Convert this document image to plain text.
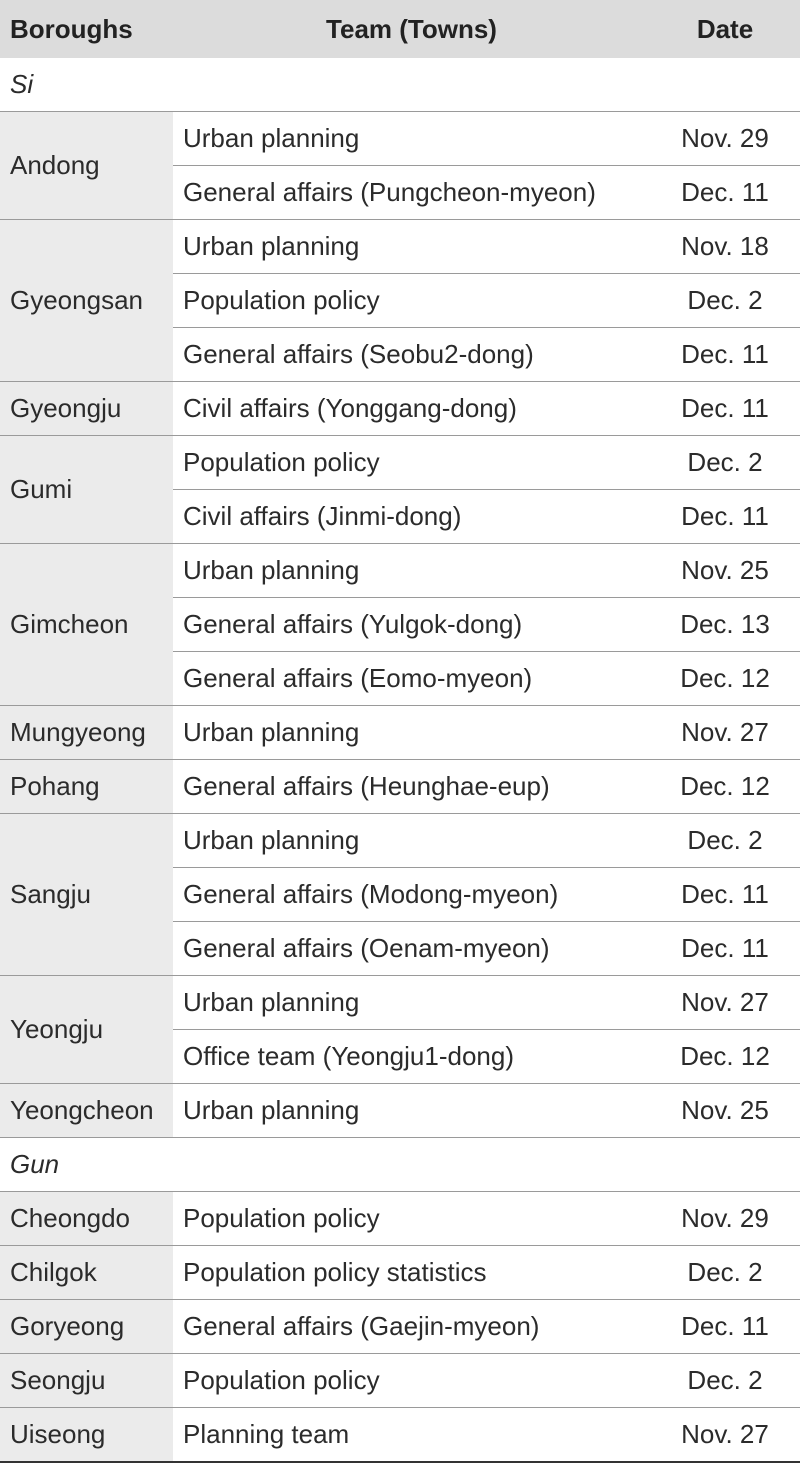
Boroughs	Team (Towns)	Date
Si		
Andong	Urban planning	Nov. 29
	General affairs (Pungcheon-myeon)	Dec. 11
Gyeongsan	Urban planning	Nov. 18
	Population policy	Dec. 2
	General affairs (Seobu2-dong)	Dec. 11
Gyeongju	Civil affairs (Yonggang-dong)	Dec. 11
Gumi	Population policy	Dec. 2
	Civil affairs (Jinmi-dong)	Dec. 11
Gimcheon	Urban planning	Nov. 25
	General affairs (Yulgok-dong)	Dec. 13
	General affairs (Eomo-myeon)	Dec. 12
Mungyeong	Urban planning	Nov. 27
Pohang	General affairs (Heunghae-eup)	Dec. 12
Sangju	Urban planning	Dec. 2
	General affairs (Modong-myeon)	Dec. 11
	General affairs (Oenam-myeon)	Dec. 11
Yeongju	Urban planning	Nov. 27
	Office team (Yeongju1-dong)	Dec. 12
Yeongcheon	Urban planning	Nov. 25
Gun		
Cheongdo	Population policy	Nov. 29
Chilgok	Population policy statistics	Dec. 2
Goryeong	General affairs (Gaejin-myeon)	Dec. 11
Seongju	Population policy	Dec. 2
Uiseong	Planning team	Nov. 27
